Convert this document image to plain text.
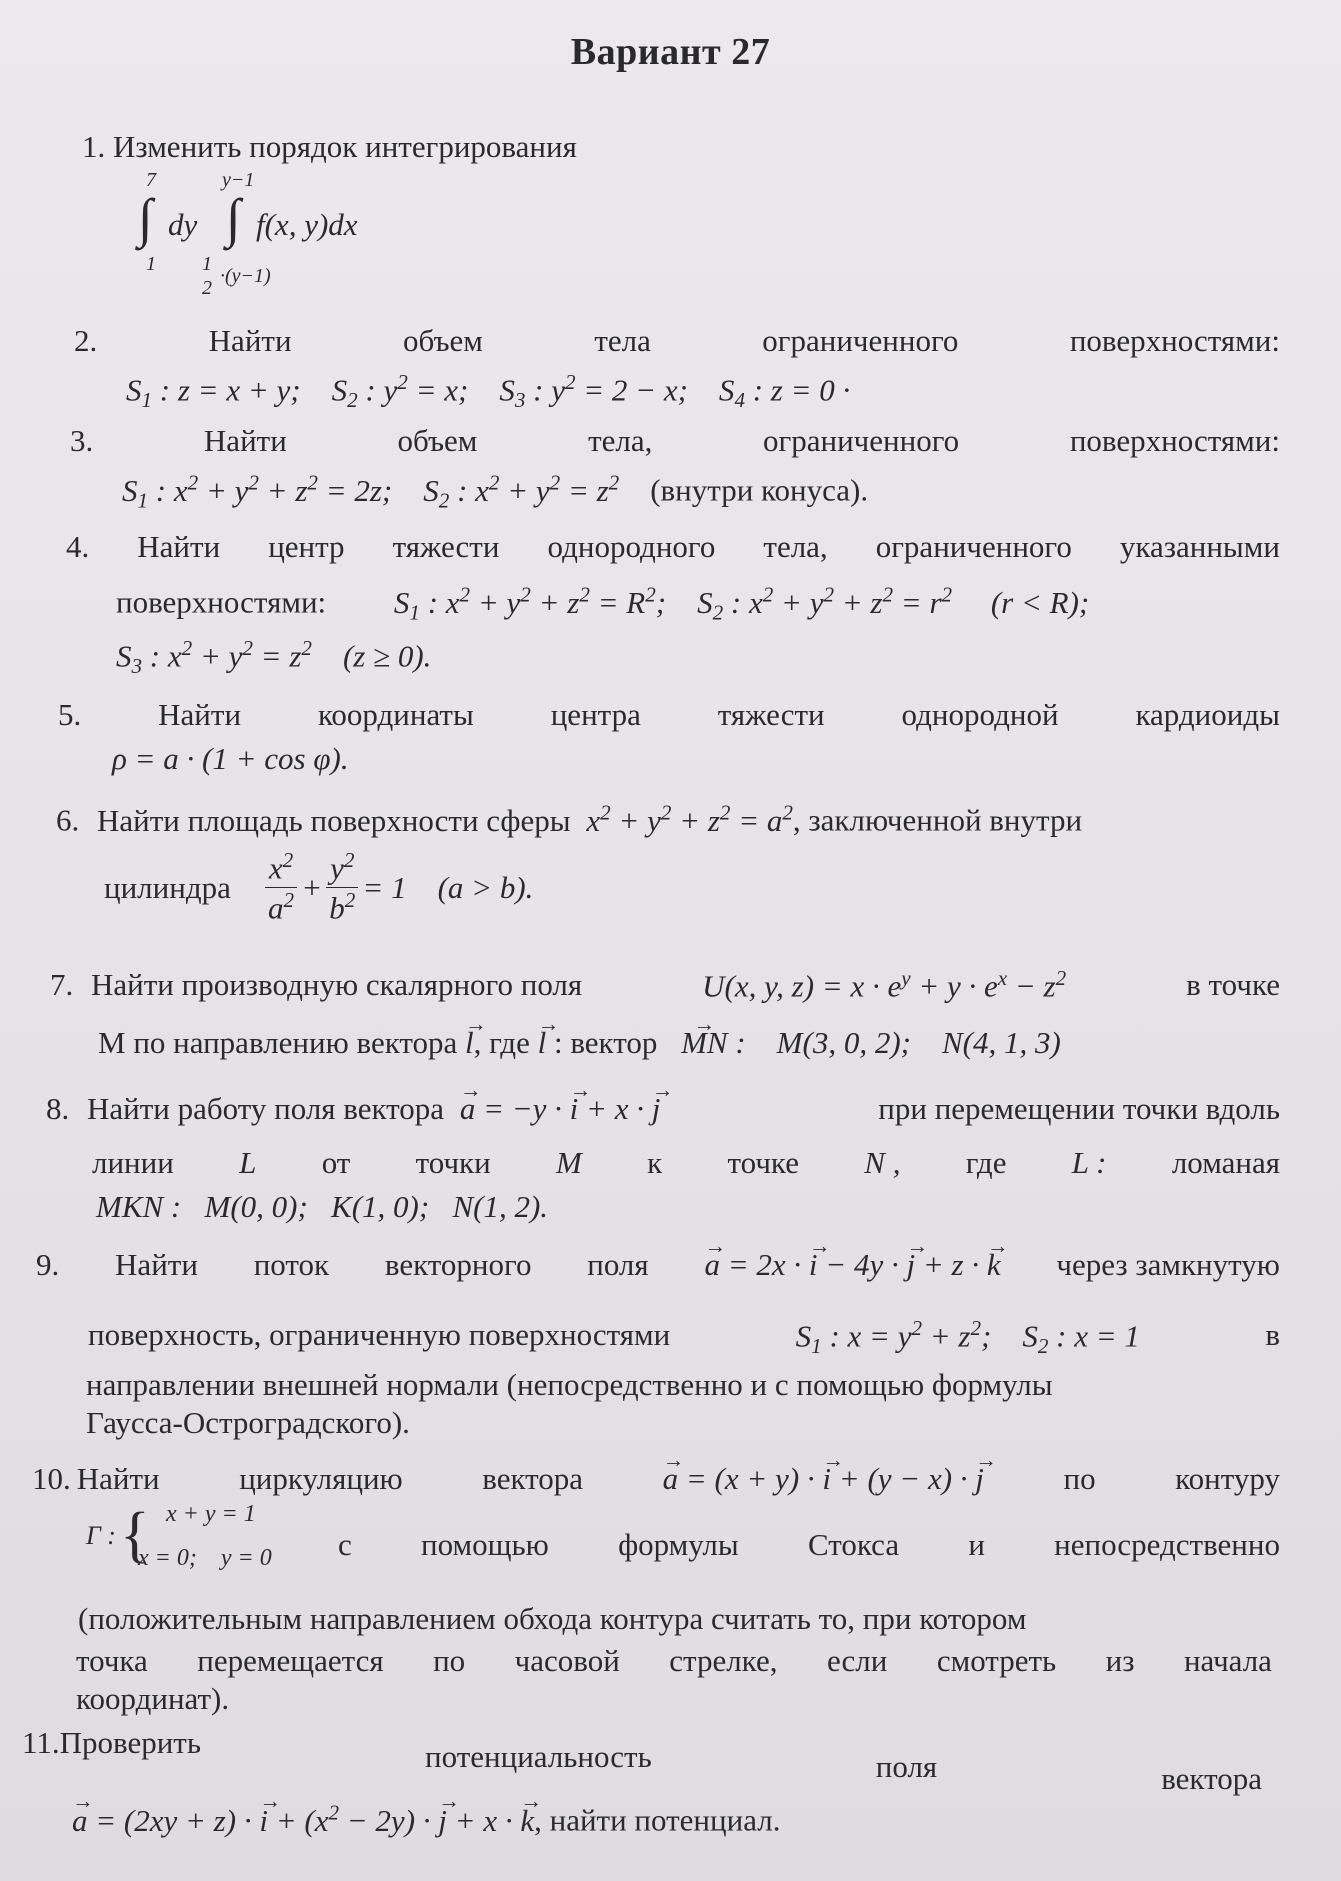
Вариант 27
1. Изменить порядок интегрирования
7
∫ dy
1
y−1
∫ f(x, y)dx
1
2
·(y−1)
2.	Найти	объем	тела	ограниченного	поверхностями:
$S_1$ : z = x + y;    $S_2$ : $y^2 = x$;    $S_3$ : $y^2 = 2 - x$;    $S_4$ : z = 0 ·
3.	Найти	объем	тела,	ограниченного	поверхностями:
$S_1$ : $x^2 + y^2 + z^2 = 2z$;    $S_2$ : $x^2 + y^2 = z^2$ (внутри конуса).
4. Найти центр тяжести однородного тела, ограниченного указанными
поверхностями: $S_1$ : $x^2 + y^2 + z^2 = R^2$;    $S_2$ : $x^2 + y^2 + z^2 = r^2$     (r < R);
$S_3$ : $x^2 + y^2 = z^2$    (z ≥ 0).
5. Найти координаты центра тяжести однородной кардиоиды
ρ = a · (1 + cos φ).
6. Найти площадь поверхности сферы $x^2 + y^2 + z^2 = a^2$, заключенной внутри
цилиндра $\frac{x^2}{a^2} + \frac{y^2}{b^2} = 1$    (a > b).
7. Найти производную скалярного поля	U(x, y, $z) = x \cdot e^y + y \cdot e^x - z^2$	в точке
М по направлению вектора → l, где → l : вектор → MN :    M(3, 0, 2);    N(4, 1, 3)
8. Найти работу поля вектора → a = −y · → i + x · → j	при перемещении точки вдоль
линии L от точки M к точке N , где L : ломаная
MKN :   M(0, 0);   K(1, 0);   N(1, 2).
9. Найти поток векторного поля → a = 2x · → i − 4y · → j + z · → k через замкнутую
поверхность, ограниченную поверхностями	$S_1$ : $x = y^2 + z^2$;    $S_2$ : x = 1	в
направлении внешней нормали (непосредственно и с помощью формулы
Гаусса-Остроградского).
10. Найти	циркуляцию	вектора	→ a = (x + y) · → i + (y − x) · → j	по	контуру
Г : { x + y = 1
x = 0;    y = 0 с помощью формулы Стокса и непосредственно
(положительным направлением обхода контура считать то, при котором
точка перемещается по часовой стрелке, если смотреть из начала
координат).
11. Проверить	потенциальность	поля	вектора
→ a = (2xy + z) · → $i + (x^2 - 2y)$ · → j + x · → k, найти потенциал.
